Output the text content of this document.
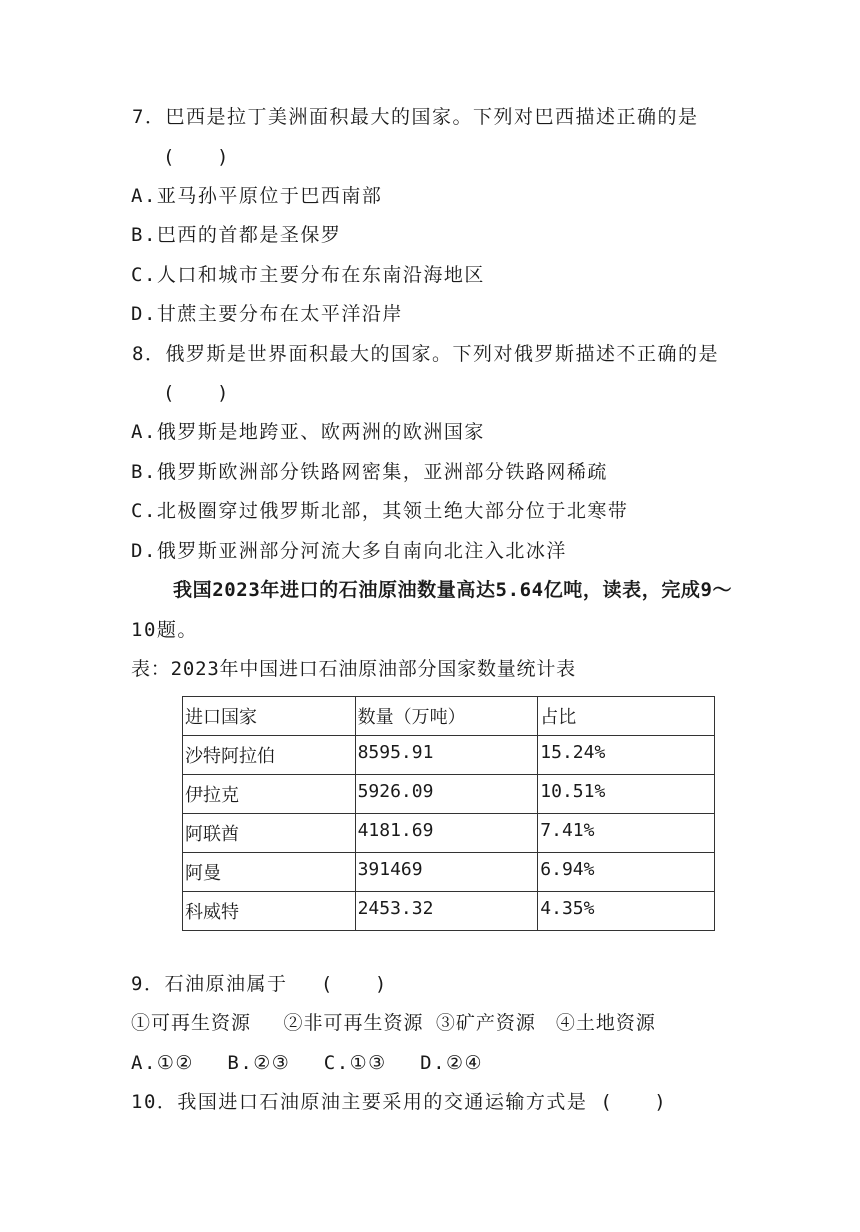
7．巴西是拉丁美洲面积最大的国家。下列对巴西描述正确的是
(　　)
A.亚马孙平原位于巴西南部
B.巴西的首都是圣保罗
C.人口和城市主要分布在东南沿海地区
D.甘蔗主要分布在太平洋沿岸
8．俄罗斯是世界面积最大的国家。下列对俄罗斯描述不正确的是
(　　)
A.俄罗斯是地跨亚、欧两洲的欧洲国家
B.俄罗斯欧洲部分铁路网密集，亚洲部分铁路网稀疏
C.北极圈穿过俄罗斯北部，其领土绝大部分位于北寒带
D.俄罗斯亚洲部分河流大多自南向北注入北冰洋
我国2023年进口的石油原油数量高达5.64亿吨，读表，完成9～
10题。
表：2023年中国进口石油原油部分国家数量统计表
进口国家	数量（万吨）	占比
沙特阿拉伯	8595.91	15.24%
伊拉克	5926.09	10.51%
阿联酋	4181.69	7.41%
阿曼	391469	6.94%
科威特	2453.32	4.35%
9．石油原油属于　 (　　)
①可再生资源　 ②非可再生资源 ③矿产资源　④土地资源
A.①②　 B.②③　 C.①③　 D.②④
10．我国进口石油原油主要采用的交通运输方式是 (　　)
